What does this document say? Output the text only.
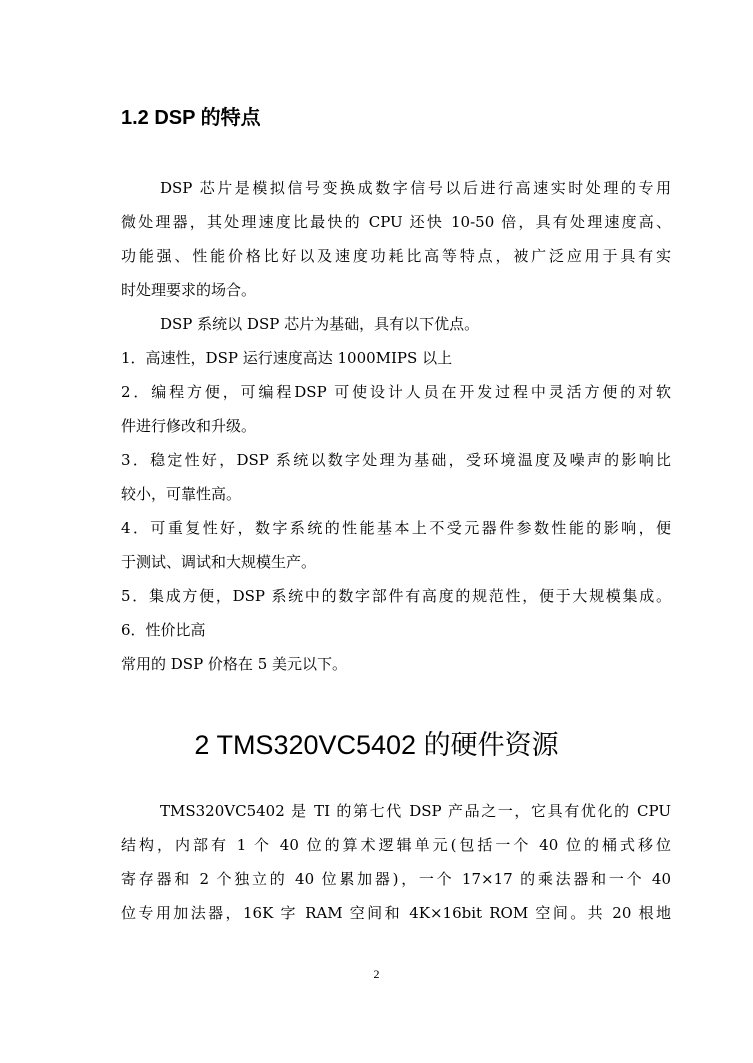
1.2 DSP 的特点
DSP 芯片是模拟信号变换成数字信号以后进行高速实时处理的专用
微处理器，其处理速度比最快的 CPU 还快 10-50 倍，具有处理速度高、
功能强、性能价格比好以及速度功耗比高等特点，被广泛应用于具有实
时处理要求的场合。
DSP 系统以 DSP 芯片为基础，具有以下优点。
1．高速性，DSP 运行速度高达 1000MIPS 以上
2．编程方便，可编程DSP 可使设计人员在开发过程中灵活方便的对软
件进行修改和升级。
3．稳定性好，DSP 系统以数字处理为基础，受环境温度及噪声的影响比
较小，可靠性高。
4．可重复性好，数字系统的性能基本上不受元器件参数性能的影响，便
于测试、调试和大规模生产。
5．集成方便，DSP 系统中的数字部件有高度的规范性，便于大规模集成。
6．性价比高
常用的 DSP 价格在 5 美元以下。
2 TMS320VC5402 的硬件资源
TMS320VC5402 是 TI 的第七代 DSP 产品之一，它具有优化的 CPU
结构，内部有 1 个 40 位的算术逻辑单元(包括一个 40 位的桶式移位
寄存器和 2 个独立的 40 位累加器)，一个 17×17 的乘法器和一个 40
位专用加法器，16K 字 RAM 空间和 4K×16bit ROM 空间。共 20 根地
2
